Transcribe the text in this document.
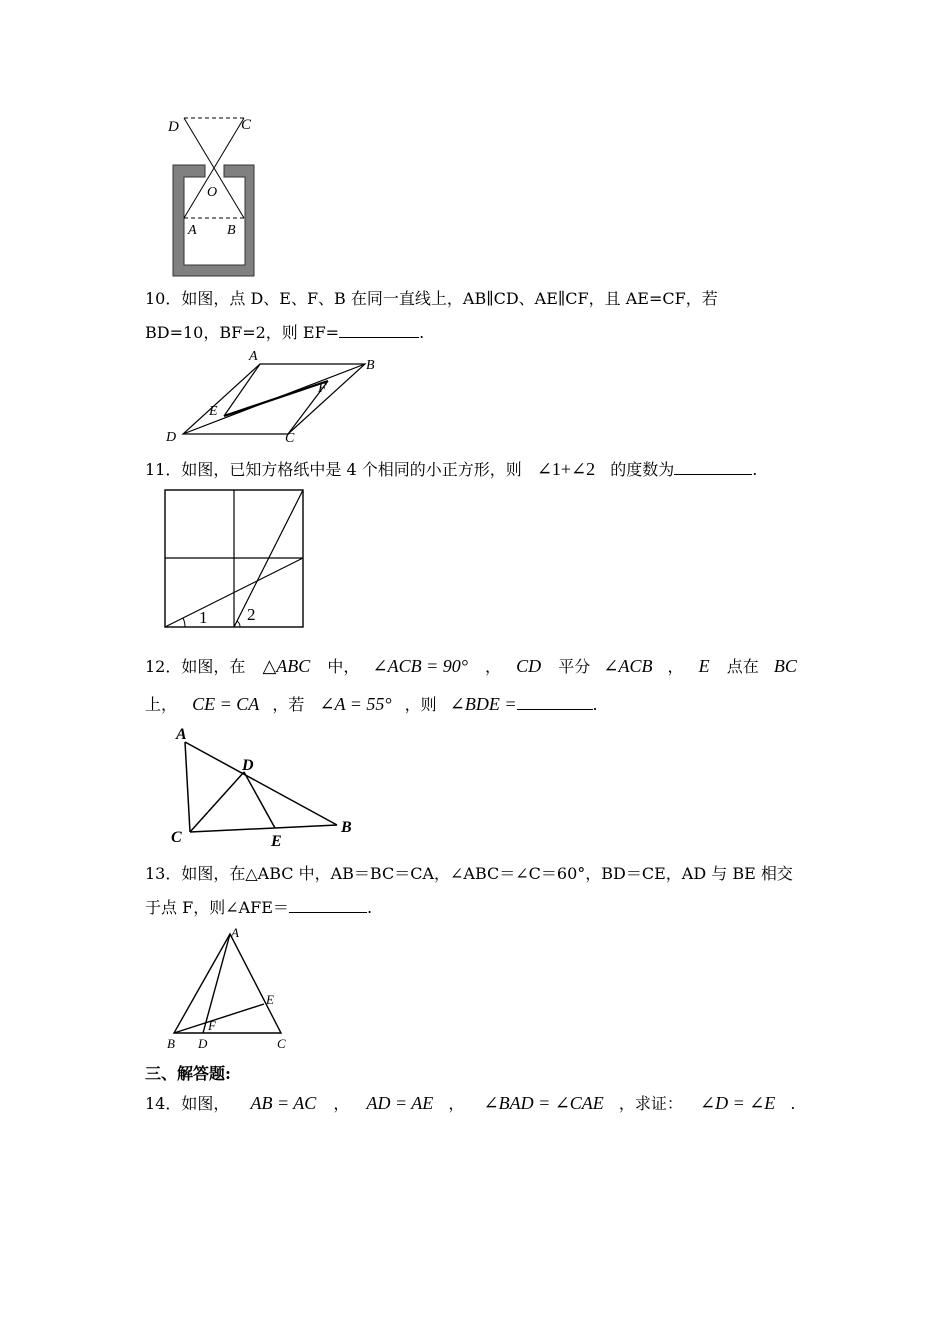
D	C
O
A B
10．如图，点 D、E、F、B 在同一直线上，AB∥CD、AE∥CF，且 AE=CF，若
BD=10，BF=2，则 EF=	.
A
B
F
E
D	C
11．如图，已知方格纸中是 4 个相同的小正方形，则 ∠1+∠2 的度数为	.
1 2
12．如图，在 △ABC 中， ∠ACB = 90° ， CD 平分 ∠ACB ， E 点在 BC
上， CE = CA ，若 ∠A = 55° ，则 ∠BDE =	.
A
D
C	E
B
13．如图，在△ABC 中，AB＝BC＝CA，∠ABC＝∠C＝60°，BD＝CE，AD 与 BE 相交
于点 F，则∠AFE＝	.
A
E
F
B D	C
三、解答题:
14．如图， AB = AC ， AD = AE ， ∠BAD = ∠CAE ，求证： ∠D = ∠E .
